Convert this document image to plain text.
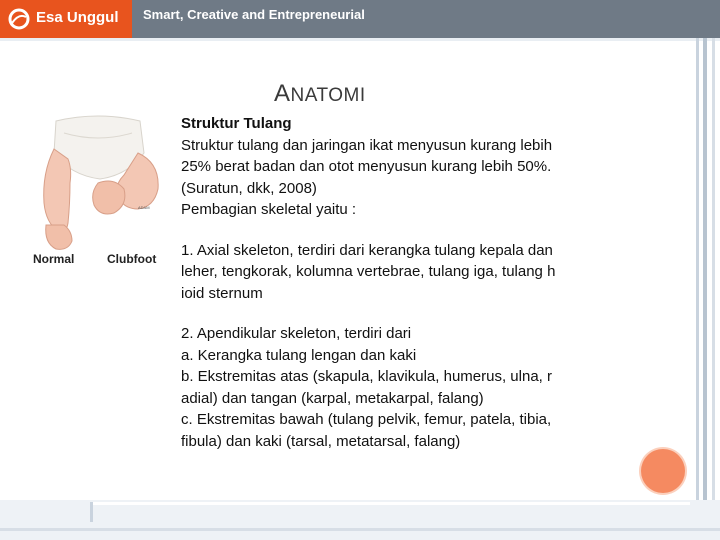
Esa Unggul Smart, Creative and Entrepreneurial
ANATOMI
ADAM
Normal	Clubfoot

Struktur Tulang

Struktur tulang dan jaringan ikat menyusun kurang lebih

25% berat badan dan otot menyusun kurang lebih 50%.

(Suratun, dkk, 2008)

Pembagian skeletal yaitu :

1. Axial skeleton, terdiri dari kerangka tulang kepala dan

leher, tengkorak, kolumna vertebrae, tulang iga, tulang h

ioid sternum

2. Apendikular skeleton, terdiri dari

a. Kerangka tulang lengan dan kaki

b. Ekstremitas atas (skapula, klavikula, humerus, ulna, r

adial) dan tangan (karpal, metakarpal, falang)

c. Ekstremitas bawah (tulang pelvik, femur, patela, tibia,

fibula) dan kaki (tarsal, metatarsal, falang)
